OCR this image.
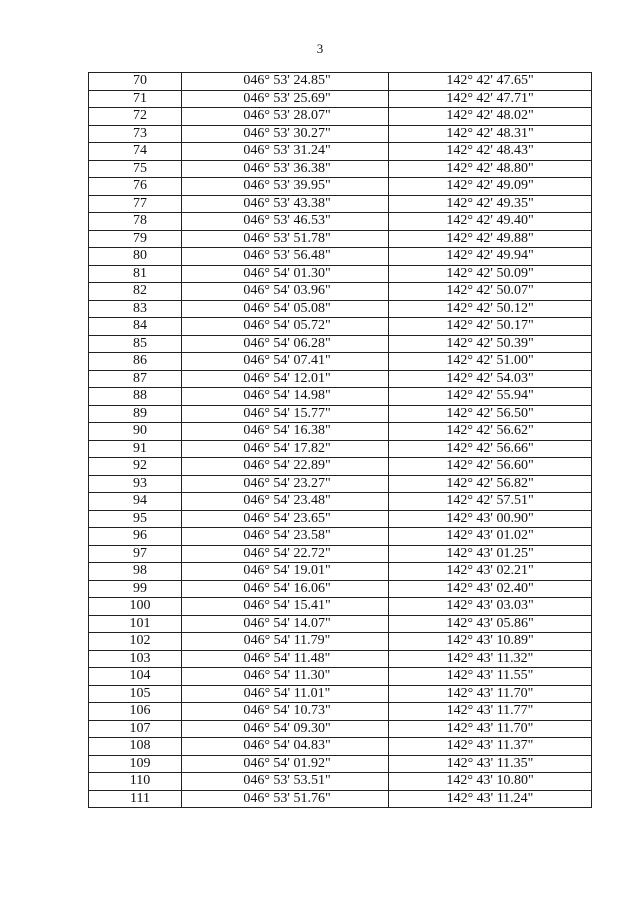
3
70	046° 53' 24.85"	142° 42' 47.65"
71	046° 53' 25.69"	142° 42' 47.71"
72	046° 53' 28.07"	142° 42' 48.02"
73	046° 53' 30.27"	142° 42' 48.31"
74	046° 53' 31.24"	142° 42' 48.43"
75	046° 53' 36.38"	142° 42' 48.80"
76	046° 53' 39.95"	142° 42' 49.09"
77	046° 53' 43.38"	142° 42' 49.35"
78	046° 53' 46.53"	142° 42' 49.40"
79	046° 53' 51.78"	142° 42' 49.88"
80	046° 53' 56.48"	142° 42' 49.94"
81	046° 54' 01.30"	142° 42' 50.09"
82	046° 54' 03.96"	142° 42' 50.07"
83	046° 54' 05.08"	142° 42' 50.12"
84	046° 54' 05.72"	142° 42' 50.17"
85	046° 54' 06.28"	142° 42' 50.39"
86	046° 54' 07.41"	142° 42' 51.00"
87	046° 54' 12.01"	142° 42' 54.03"
88	046° 54' 14.98"	142° 42' 55.94"
89	046° 54' 15.77"	142° 42' 56.50"
90	046° 54' 16.38"	142° 42' 56.62"
91	046° 54' 17.82"	142° 42' 56.66"
92	046° 54' 22.89"	142° 42' 56.60"
93	046° 54' 23.27"	142° 42' 56.82"
94	046° 54' 23.48"	142° 42' 57.51"
95	046° 54' 23.65"	142° 43' 00.90"
96	046° 54' 23.58"	142° 43' 01.02"
97	046° 54' 22.72"	142° 43' 01.25"
98	046° 54' 19.01"	142° 43' 02.21"
99	046° 54' 16.06"	142° 43' 02.40"
100	046° 54' 15.41"	142° 43' 03.03"
101	046° 54' 14.07"	142° 43' 05.86"
102	046° 54' 11.79"	142° 43' 10.89"
103	046° 54' 11.48"	142° 43' 11.32"
104	046° 54' 11.30"	142° 43' 11.55"
105	046° 54' 11.01"	142° 43' 11.70"
106	046° 54' 10.73"	142° 43' 11.77"
107	046° 54' 09.30"	142° 43' 11.70"
108	046° 54' 04.83"	142° 43' 11.37"
109	046° 54' 01.92"	142° 43' 11.35"
110	046° 53' 53.51"	142° 43' 10.80"
111	046° 53' 51.76"	142° 43' 11.24"
